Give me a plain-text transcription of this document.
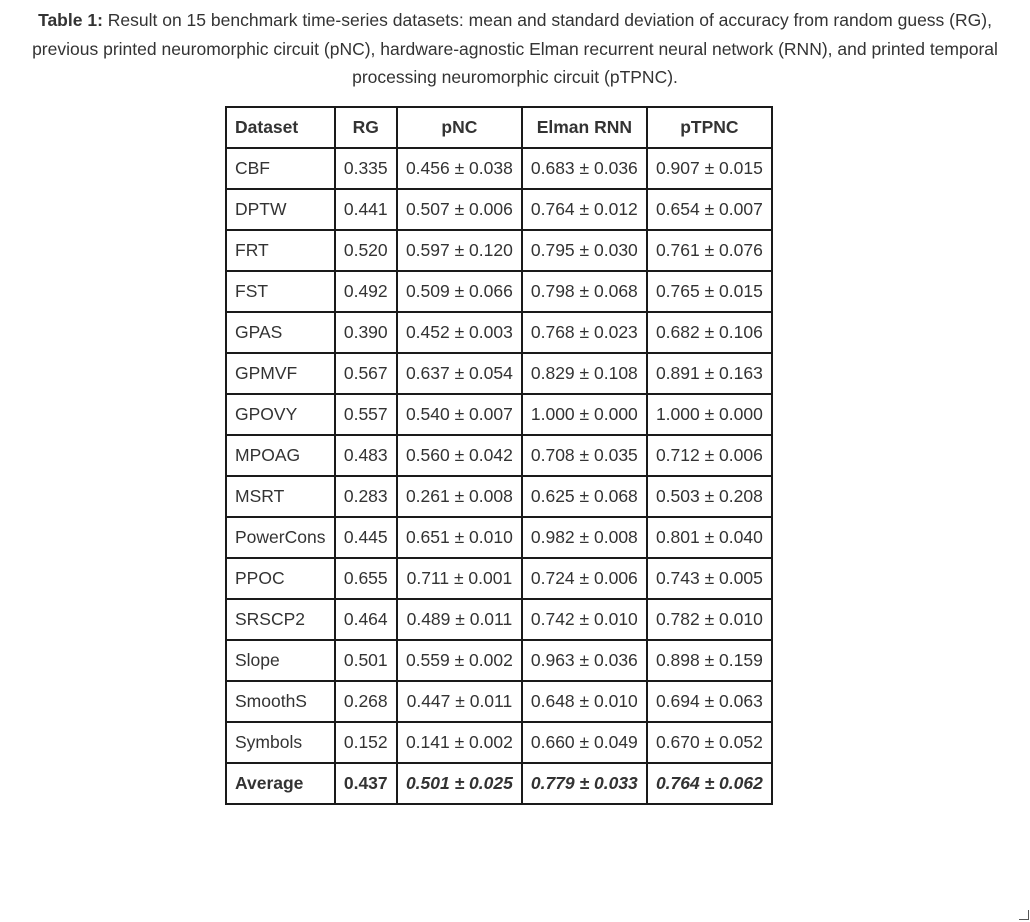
Table 1: Result on 15 benchmark time-series datasets: mean and standard deviation of accuracy from random guess (RG), previous printed neuromorphic circuit (pNC), hardware-agnostic Elman recurrent neural network (RNN), and printed temporal processing neuromorphic circuit (pTPNC).
Dataset	RG	pNC	Elman RNN	pTPNC
CBF	0.335	0.456 ± 0.038	0.683 ± 0.036	0.907 ± 0.015
DPTW	0.441	0.507 ± 0.006	0.764 ± 0.012	0.654 ± 0.007
FRT	0.520	0.597 ± 0.120	0.795 ± 0.030	0.761 ± 0.076
FST	0.492	0.509 ± 0.066	0.798 ± 0.068	0.765 ± 0.015
GPAS	0.390	0.452 ± 0.003	0.768 ± 0.023	0.682 ± 0.106
GPMVF	0.567	0.637 ± 0.054	0.829 ± 0.108	0.891 ± 0.163
GPOVY	0.557	0.540 ± 0.007	1.000 ± 0.000	1.000 ± 0.000
MPOAG	0.483	0.560 ± 0.042	0.708 ± 0.035	0.712 ± 0.006
MSRT	0.283	0.261 ± 0.008	0.625 ± 0.068	0.503 ± 0.208
PowerCons	0.445	0.651 ± 0.010	0.982 ± 0.008	0.801 ± 0.040
PPOC	0.655	0.711 ± 0.001	0.724 ± 0.006	0.743 ± 0.005
SRSCP2	0.464	0.489 ± 0.011	0.742 ± 0.010	0.782 ± 0.010
Slope	0.501	0.559 ± 0.002	0.963 ± 0.036	0.898 ± 0.159
SmoothS	0.268	0.447 ± 0.011	0.648 ± 0.010	0.694 ± 0.063
Symbols	0.152	0.141 ± 0.002	0.660 ± 0.049	0.670 ± 0.052
Average	0.437	0.501 ± 0.025	0.779 ± 0.033	0.764 ± 0.062
